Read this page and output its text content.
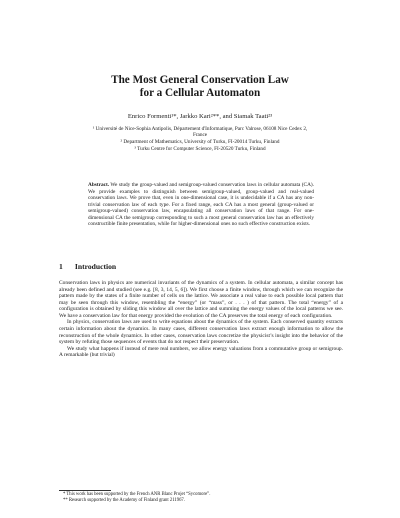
The Most General Conservation Law
for a Cellular Automaton
Enrico Formenti¹*, Jarkko Kari²**, and Siamak Taati²³
¹ Université de Nice-Sophia Antipolis, Département d'Informatique, Parc Valrose, 06108 Nice Cedex 2, France
² Department of Mathematics, University of Turku, FI-20014 Turku, Finland
³ Turku Centre for Computer Science, FI-20520 Turku, Finland
Abstract. We study the group-valued and semigroup-valued conservation laws in cellular automata (CA). We provide examples to distinguish between semigroup-valued, group-valued and real-valued conservation laws. We prove that, even in one-dimensional case, it is undecidable if a CA has any non-trivial conservation law of each type. For a fixed range, each CA has a most general (group-valued or semigroup-valued) conservation law, encapsulating all conservation laws of that range. For one-dimensional CA the semigroup corresponding to such a most general conservation law has an effectively constructible finite presentation, while for higher-dimensional ones no such effective construction exists.
1 Introduction

Conservation laws in physics are numerical invariants of the dynamics of a system. In cellular automata, a similar concept has already been defined and studied (see e.g. [8, 3, 14, 5, 6]). We first choose a finite window, through which we can recognize the pattern made by the states of a finite number of cells on the lattice. We associate a real value to each possible local pattern that may be seen through this window, resembling the “energy” (or “mass”, or . . . ) of that pattern. The total “energy” of a configuration is obtained by sliding this window all over the lattice and summing the energy values of the local patterns we see. We have a conservation law for that energy provided the evolution of the CA preserves the total energy of each configuration.

In physics, conservation laws are used to write equations about the dynamics of the system. Each conserved quantity extracts certain information about the dynamics. In many cases, different conservation laws extract enough information to allow the reconstruction of the whole dynamics. In other cases, conservation laws concretize the physicist’s insight into the behavior of the system by refuting those sequences of events that do not respect their preservation.

We study what happens if instead of mere real numbers, we allow energy valuations from a commutative group or semigroup. A remarkable (but trivial)

* This work has been supported by the French ANR Blanc Projet “Sycomore”.
** Research supported by the Academy of Finland grant 211967.
